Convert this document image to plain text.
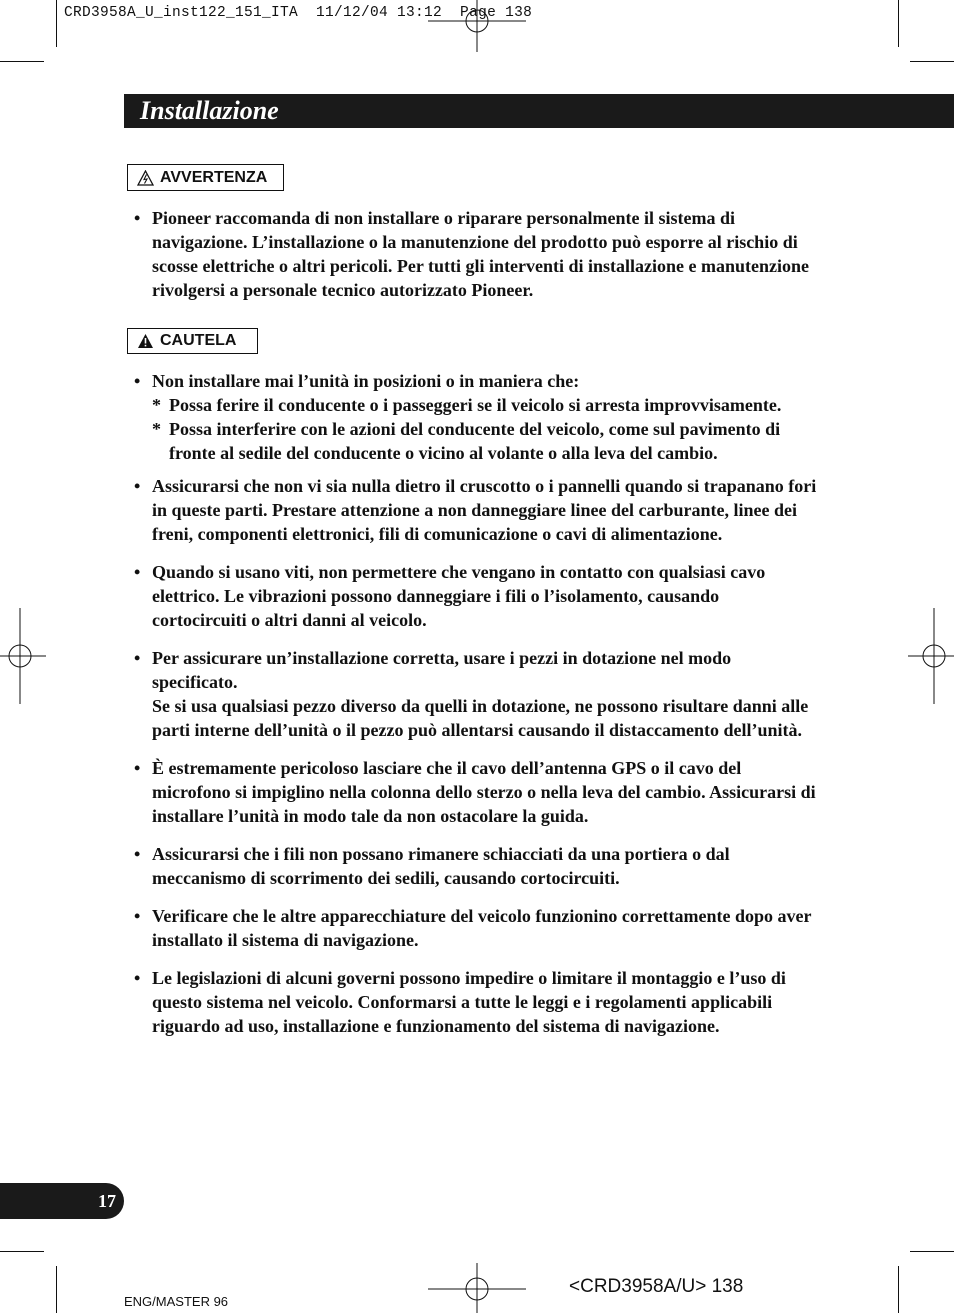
CRD3958A_U_inst122_151_ITA  11/12/04 13:12  Page 138
Installazione
AVVERTENZA
CAUTELA
• Pioneer raccomanda di non installare o riparare personalmente il sistema di navigazione. L’installazione o la manutenzione del prodotto può esporre al rischio di scosse elettriche o altri pericoli. Per tutti gli interventi di installazione e manutenzione rivolgersi a personale tecnico autorizzato Pioneer.
• Non installare mai l’unità in posizioni o in maniera che:
* Possa ferire il conducente o i passeggeri se il veicolo si arresta improvvisamente.
* Possa interferire con le azioni del conducente del veicolo, come sul pavimento di fronte al sedile del conducente o vicino al volante o alla leva del cambio.
• Assicurarsi che non vi sia nulla dietro il cruscotto o i pannelli quando si trapanano fori in queste parti. Prestare attenzione a non danneggiare linee del carburante, linee dei freni, componenti elettronici, fili di comunicazione o cavi di alimentazione.
• Quando si usano viti, non permettere che vengano in contatto con qualsiasi cavo elettrico. Le vibrazioni possono danneggiare i fili o l’isolamento, causando cortocircuiti o altri danni al veicolo.
• Per assicurare un’installazione corretta, usare i pezzi in dotazione nel modo specificato.
Se si usa qualsiasi pezzo diverso da quelli in dotazione, ne possono risultare danni alle parti interne dell’unità o il pezzo può allentarsi causando il distaccamento dell’unità.
• È estremamente pericoloso lasciare che il cavo dell’antenna GPS o il cavo del microfono si impiglino nella colonna dello sterzo o nella leva del cambio. Assicurarsi di installare l’unità in modo tale da non ostacolare la guida.
• Assicurarsi che i fili non possano rimanere schiacciati da una portiera o dal meccanismo di scorrimento dei sedili, causando cortocircuiti.
• Verificare che le altre apparecchiature del veicolo funzionino correttamente dopo aver installato il sistema di navigazione.
• Le legislazioni di alcuni governi possono impedire o limitare il montaggio e l’uso di questo sistema nel veicolo. Conformarsi a tutte le leggi e i regolamenti applicabili riguardo ad uso, installazione e funzionamento del sistema di navigazione.
17
ENG/MASTER 96
<CRD3958A/U> 138
